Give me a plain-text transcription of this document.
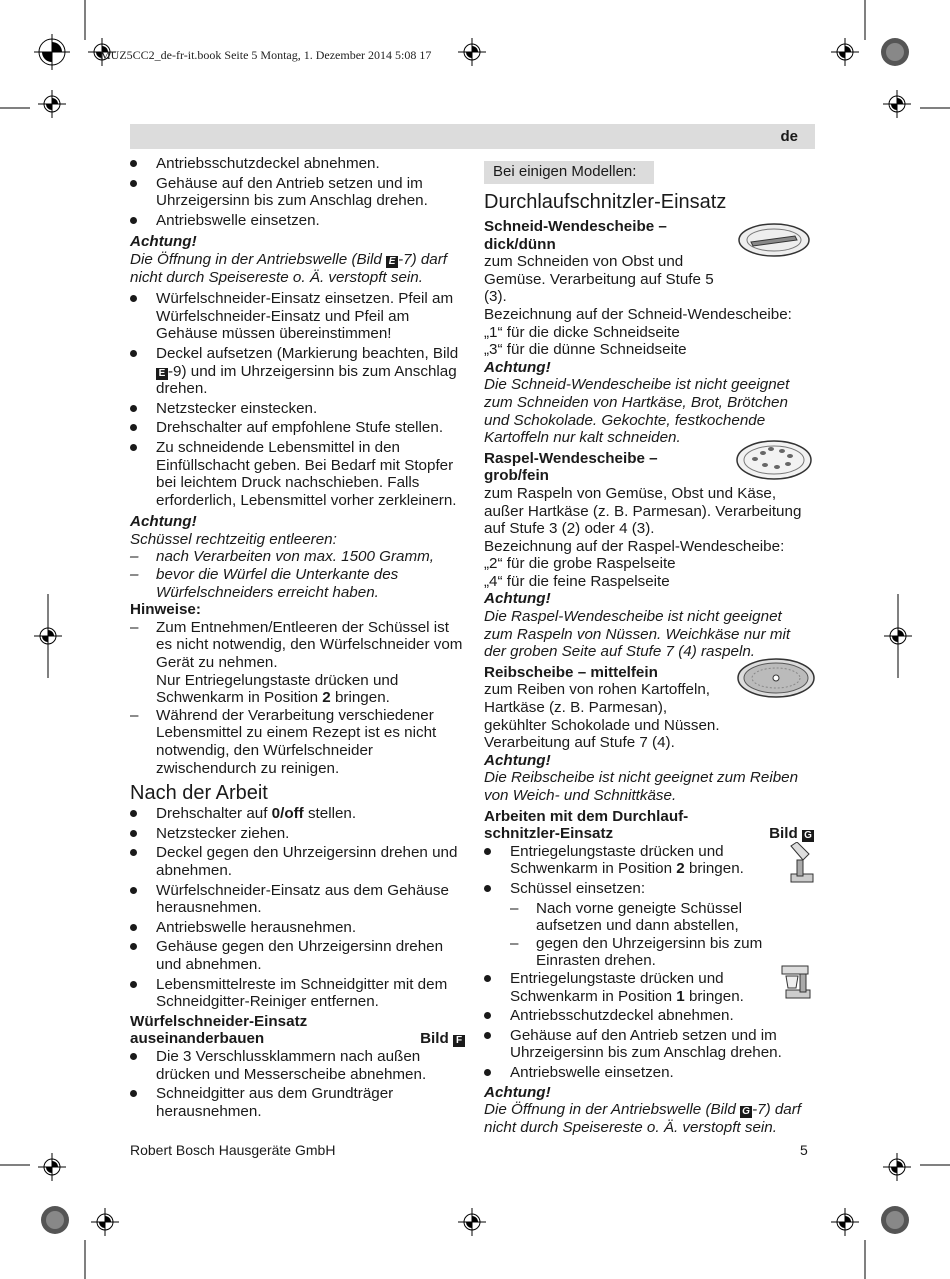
MUZ5CC2_de-fr-it.book Seite 5 Montag, 1. Dezember 2014 5:08 17
de
Antriebsschutzdeckel abnehmen.
Gehäuse auf den Antrieb setzen und im Uhrzeigersinn bis zum Anschlag drehen.
Antriebswelle einsetzen.
Achtung!

Die Öffnung in der Antriebswelle (Bild E -7) darf nicht durch Speisereste o. Ä. verstopft sein.

Würfelschneider-Einsatz einsetzen. Pfeil am Würfelschneider-Einsatz und Pfeil am Gehäuse müssen übereinstimmen!
Deckel aufsetzen (Markierung beachten, Bild E -9) und im Uhrzeigersinn bis zum Anschlag drehen.
Netzstecker einstecken.
Drehschalter auf empfohlene Stufe stellen.
Zu schneidende Lebensmittel in den Einfüllschacht geben. Bei Bedarf mit Stopfer bei leichtem Druck nachschieben. Falls erforderlich, Lebensmittel vorher zerkleinern.
Achtung!

Schüssel rechtzeitig entleeren:

– nach Verarbeiten von max. 1500 Gramm,
– bevor die Würfel die Unterkante des Würfelschneiders erreicht haben.
Hinweise:
– Zum Entnehmen/Entleeren der Schüssel ist es nicht notwendig, den Würfelschneider vom Gerät zu nehmen.
Nur Entriegelungstaste drücken und Schwenkarm in Position 2 bringen.
– Während der Verarbeitung verschiedener Lebensmittel zu einem Rezept ist es nicht notwendig, den Würfelschneider zwischendurch zu reinigen.
Nach der Arbeit
Drehschalter auf 0/off stellen.
Netzstecker ziehen.
Deckel gegen den Uhrzeigersinn drehen und abnehmen.
Würfelschneider-Einsatz aus dem Gehäuse herausnehmen.
Antriebswelle herausnehmen.
Gehäuse gegen den Uhrzeigersinn drehen und abnehmen.
Lebensmittelreste im Schneidgitter mit dem Schneidgitter-Reiniger entfernen.
Würfelschneider-Einsatz
auseinanderbauen	Bild F
Die 3 Verschlussklammern nach außen drücken und Messerscheibe abnehmen.
Schneidgitter aus dem Grundträger herausnehmen.
Bei einigen Modellen:
Durchlaufschnitzler-Einsatz
Schneid-Wendescheibe –
dick/dünn

zum Schneiden von Obst und Gemüse. Verarbeitung auf Stufe 5 (3).

Bezeichnung auf der Schneid-Wendescheibe:

„1“ für die dicke Schneidseite

„3“ für die dünne Schneidseite

Achtung!

Die Schneid-Wendescheibe ist nicht geeignet zum Schneiden von Hartkäse, Brot, Brötchen und Schokolade. Gekochte, festkochende Kartoffeln nur kalt schneiden.

Raspel-Wendescheibe –
grob/fein

zum Raspeln von Gemüse, Obst und Käse, außer Hartkäse (z. B. Parmesan). Verarbeitung auf Stufe 3 (2) oder 4 (3).

Bezeichnung auf der Raspel-Wendescheibe:

„2“ für die grobe Raspelseite

„4“ für die feine Raspelseite

Achtung!

Die Raspel-Wendescheibe ist nicht geeignet zum Raspeln von Nüssen. Weichkäse nur mit der groben Seite auf Stufe 7 (4) raspeln.

Reibscheibe – mittelfein

zum Reiben von rohen Kartoffeln,

Hartkäse (z. B. Parmesan),

gekühlter Schokolade und Nüssen.

Verarbeitung auf Stufe 7 (4).

Achtung!

Die Reibscheibe ist nicht geeignet zum Reiben von Weich- und Schnittkäse.

Arbeiten mit dem Durchlauf-
schnitzler-Einsatz	Bild G
Entriegelungstaste drücken und Schwenkarm in Position 2 bringen.
Schüssel einsetzen:
– Nach vorne geneigte Schüssel aufsetzen und dann abstellen,
– gegen den Uhrzeigersinn bis zum Einrasten drehen.
Entriegelungstaste drücken und Schwenkarm in Position 1 bringen.
Antriebsschutzdeckel abnehmen.
Gehäuse auf den Antrieb setzen und im Uhrzeigersinn bis zum Anschlag drehen.
Antriebswelle einsetzen.
Achtung!

Die Öffnung in der Antriebswelle (Bild G -7) darf nicht durch Speisereste o. Ä. verstopft sein.

Robert Bosch Hausgeräte GmbH	5
